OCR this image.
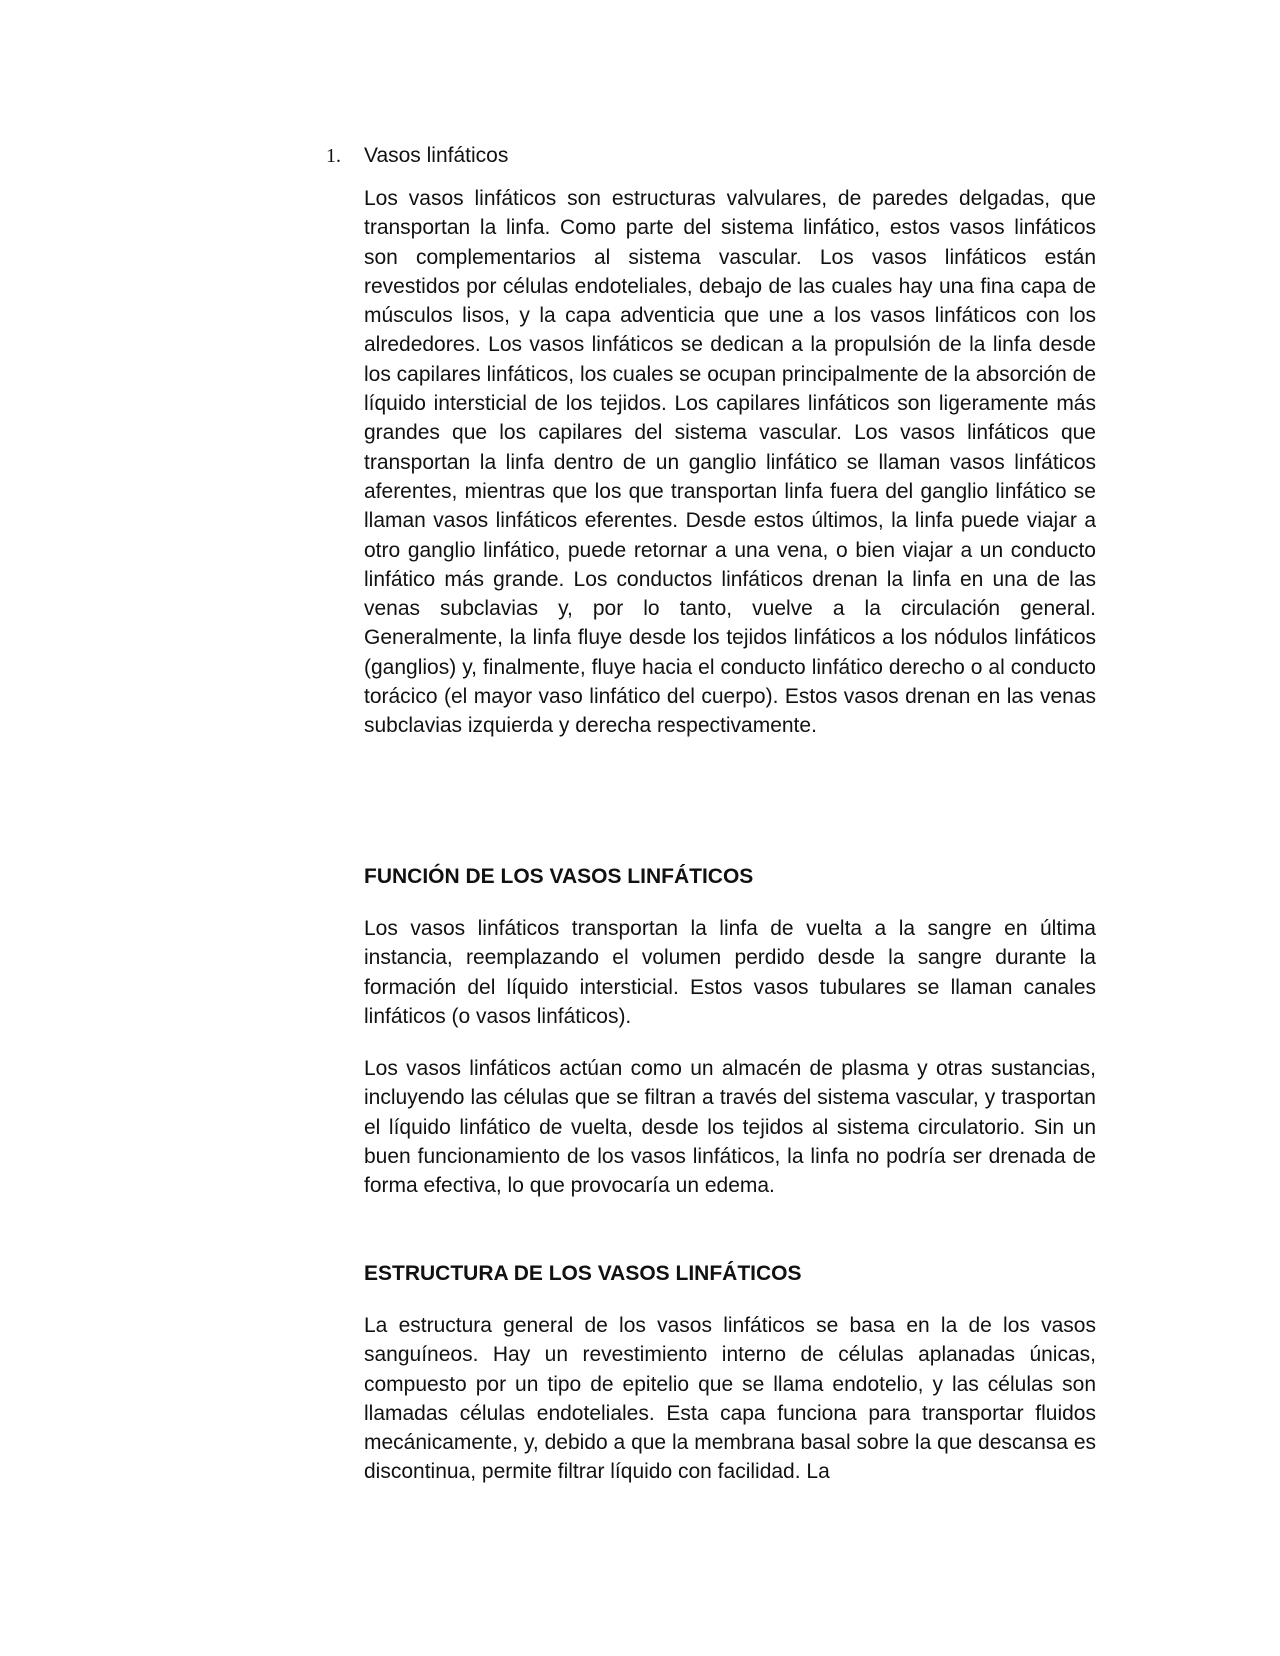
1.	Vasos linfáticos

Los vasos linfáticos son estructuras valvulares, de paredes delgadas, que transportan la linfa. Como parte del sistema linfático, estos vasos linfáticos son complementarios al sistema vascular. Los vasos linfáticos están revestidos por células endoteliales, debajo de las cuales hay una fina capa de músculos lisos, y la capa adventicia que une a los vasos linfáticos con los alrededores. Los vasos linfáticos se dedican a la propulsión de la linfa desde los capilares linfáticos, los cuales se ocupan principalmente de la absorción de líquido intersticial de los tejidos. Los capilares linfáticos son ligeramente más grandes que los capilares del sistema vascular. Los vasos linfáticos que transportan la linfa dentro de un ganglio linfático se llaman vasos linfáticos aferentes, mientras que los que transportan linfa fuera del ganglio linfático se llaman vasos linfáticos eferentes. Desde estos últimos, la linfa puede viajar a otro ganglio linfático, puede retornar a una vena, o bien viajar a un conducto linfático más grande. Los conductos linfáticos drenan la linfa en una de las venas subclavias y, por lo tanto, vuelve a la circulación general. Generalmente, la linfa fluye desde los tejidos linfáticos a los nódulos linfáticos (ganglios) y, finalmente, fluye hacia el conducto linfático derecho o al conducto torácico (el mayor vaso linfático del cuerpo). Estos vasos drenan en las venas subclavias izquierda y derecha respectivamente.

FUNCIÓN DE LOS VASOS LINFÁTICOS

Los vasos linfáticos transportan la linfa de vuelta a la sangre en última instancia, reemplazando el volumen perdido desde la sangre durante la formación del líquido intersticial. Estos vasos tubulares se llaman canales linfáticos (o vasos linfáticos).

Los vasos linfáticos actúan como un almacén de plasma y otras sustancias, incluyendo las células que se filtran a través del sistema vascular, y trasportan el líquido linfático de vuelta, desde los tejidos al sistema circulatorio. Sin un buen funcionamiento de los vasos linfáticos, la linfa no podría ser drenada de forma efectiva, lo que provocaría un edema.

ESTRUCTURA DE LOS VASOS LINFÁTICOS

La estructura general de los vasos linfáticos se basa en la de los vasos sanguíneos. Hay un revestimiento interno de células aplanadas únicas, compuesto por un tipo de epitelio que se llama endotelio, y las células son llamadas células endoteliales. Esta capa funciona para transportar fluidos mecánicamente, y, debido a que la membrana basal sobre la que descansa es discontinua, permite filtrar líquido con facilidad. La
